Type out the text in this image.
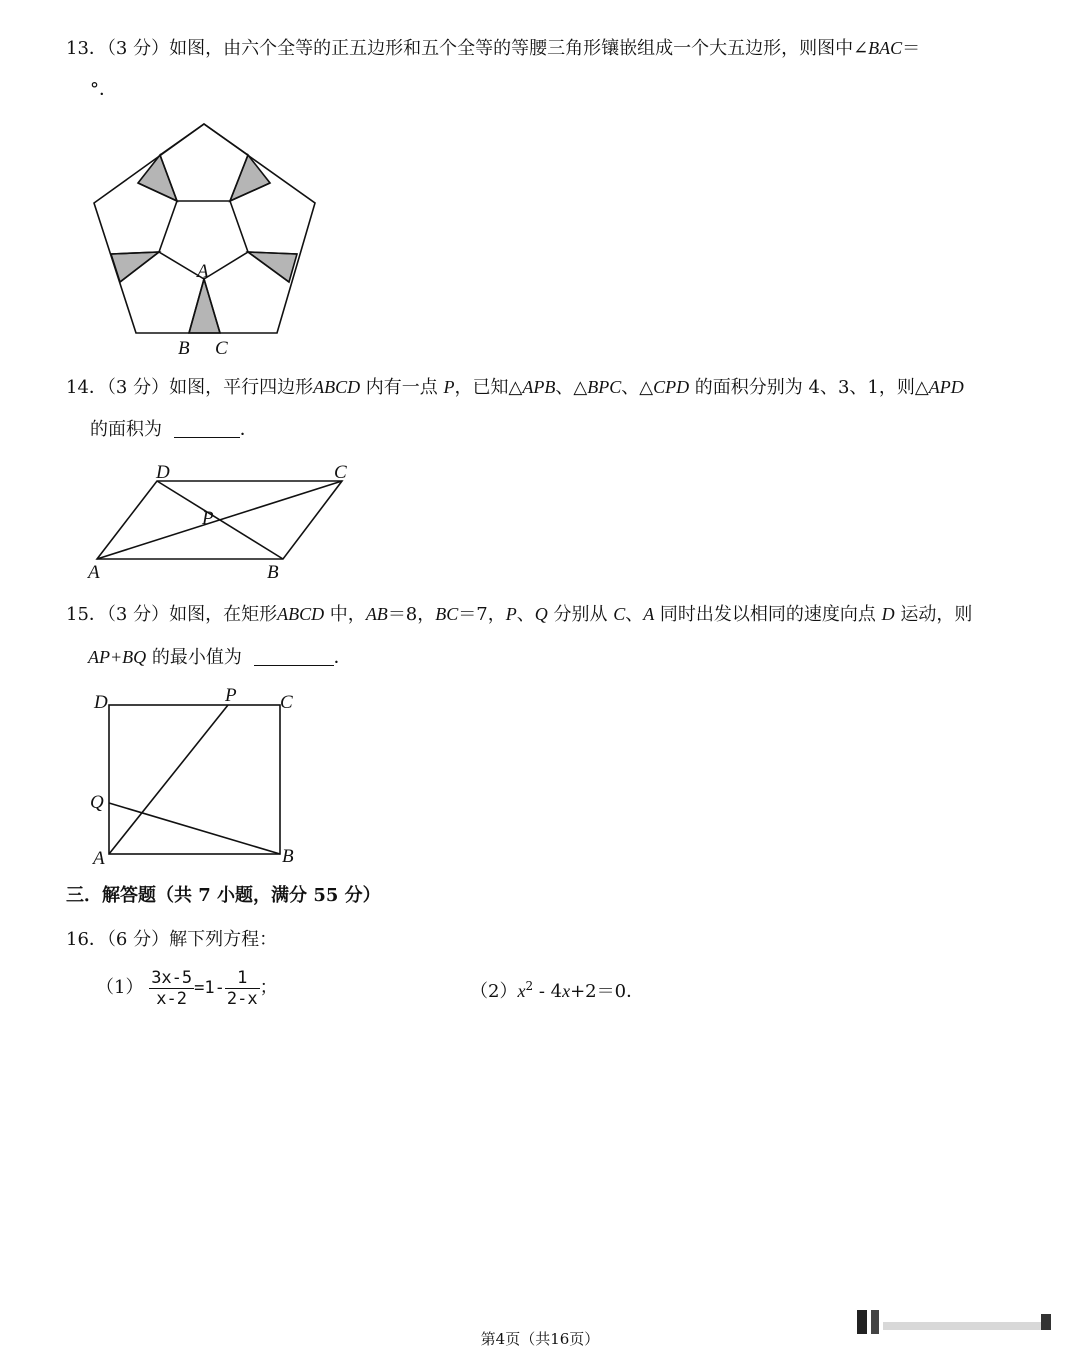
13．（3 分）如图，由六个全等的正五边形和五个全等的等腰三角形镶嵌组成一个大五边形，则图中∠BAC＝
°．
A
B C
14．（3 分）如图，平行四边形ABCD 内有一点 P，已知△APB、△BPC、△CPD 的面积分别为 4、3、1，则△APD
的面积为	．
A	B
C
D
P
15．（3 分）如图，在矩形ABCD 中，AB＝8，BC＝7，P、Q 分别从 C、A 同时出发以相同的速度向点 D 运动，则
AP+BQ 的最小值为	．
A	B
C
D	P
Q
三．解答题（共 7 小题，满分 55 分）
16．（6 分）解下列方程：
$(1) \frac{3x-5}{x-2} =1- \frac{1}{2-x}$ ；	$(2)x^2 - 4x+2=0$．
第4页（共16页）
